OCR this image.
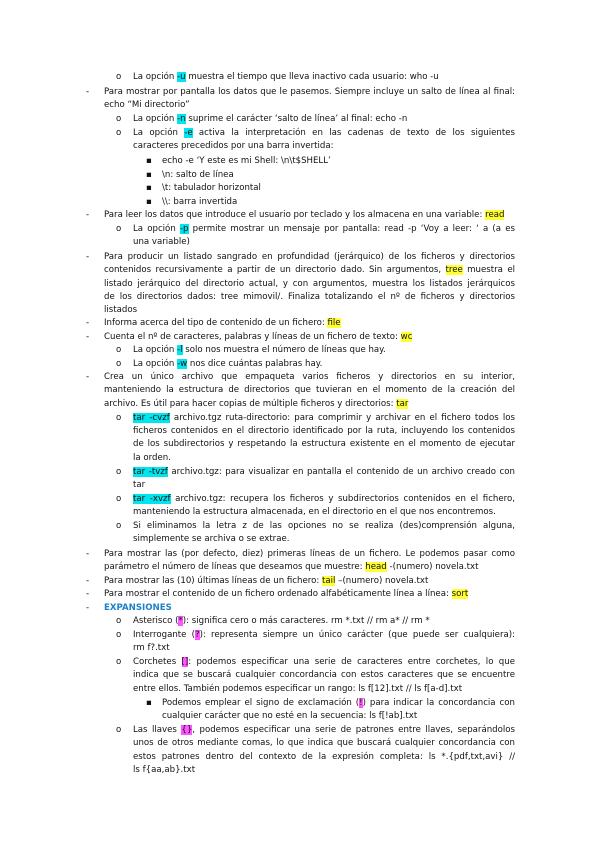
o
-
o
o
▪
▪
▪
▪
-
o
-
-
-
o
o
-
o
o
o
o
-
-
-
-
o
o
o
▪
o
La opción -u muestra el tiempo que lleva inactivo cada usuario: who -u
Para mostrar por pantalla los datos que le pasemos. Siempre incluye un salto de línea al final:
echo “Mi directorio”
La opción -n suprime el carácter ‘salto de línea’ al final: echo -n
La opción -e activa la interpretación en las cadenas de texto de los siguientes
caracteres precedidos por una barra invertida:
echo -e ‘Y este es mi Shell: \n\t$SHELL’
\n: salto de línea
\t: tabulador horizontal
\\: barra invertida
Para leer los datos que introduce el usuario por teclado y los almacena en una variable: read
La opción -p permite mostrar un mensaje por pantalla: read -p ‘Voy a leer: ‘ a (a es
una variable)
Para producir un listado sangrado en profundidad (jerárquico) de los ficheros y directorios
contenidos recursivamente a partir de un directorio dado. Sin argumentos, tree muestra el
listado jerárquico del directorio actual, y con argumentos, muestra los listados jerárquicos
de los directorios dados: tree mimovil/. Finaliza totalizando el nº de ficheros y directorios
listados
Informa acerca del tipo de contenido de un fichero: file
Cuenta el nº de caracteres, palabras y líneas de un fichero de texto: wc
La opción -l solo nos muestra el número de líneas que hay.
La opción -w nos dice cuántas palabras hay.
Crea un único archivo que empaqueta varios ficheros y directorios en su interior,
manteniendo la estructura de directorios que tuvieran en el momento de la creación del
archivo. Es útil para hacer copias de múltiple ficheros y directorios: tar
tar -cvzf archivo.tgz ruta-directorio: para comprimir y archivar en el fichero todos los
ficheros contenidos en el directorio identificado por la ruta, incluyendo los contenidos
de los subdirectorios y respetando la estructura existente en el momento de ejecutar
la orden.
tar -tvzf archivo.tgz: para visualizar en pantalla el contenido de un archivo creado con
tar
tar -xvzf archivo.tgz: recupera los ficheros y subdirectorios contenidos en el fichero,
manteniendo la estructura almacenada, en el directorio en el que nos encontremos.
Si eliminamos la letra z de las opciones no se realiza (des)comprensión alguna,
simplemente se archiva o se extrae.
Para mostrar las (por defecto, diez) primeras líneas de un fichero. Le podemos pasar como
parámetro el número de líneas que deseamos que muestre: head -(numero) novela.txt
Para mostrar las (10) últimas líneas de un fichero: tail –(numero) novela.txt
Para mostrar el contenido de un fichero ordenado alfabéticamente línea a línea: sort
EXPANSIONES
Asterisco (*): significa cero o más caracteres. rm *.txt // rm a* // rm *
Interrogante (?): representa siempre un único carácter (que puede ser cualquiera):
rm f?.txt
Corchetes []: podemos especificar una serie de caracteres entre corchetes, lo que
indica que se buscará cualquier concordancia con estos caracteres que se encuentre
entre ellos. También podemos especificar un rango: ls f[12].txt // ls f[a-d].txt
Podemos emplear el signo de exclamación (!) para indicar la concordancia con
cualquier carácter que no esté en la secuencia: ls f[!ab].txt
Las llaves {}, podemos especificar una serie de patrones entre llaves, separándolos
unos de otros mediante comas, lo que indica que buscará cualquier concordancia con
estos patrones dentro del contexto de la expresión completa: ls *.{pdf,txt,avi} //
ls f{aa,ab}.txt
